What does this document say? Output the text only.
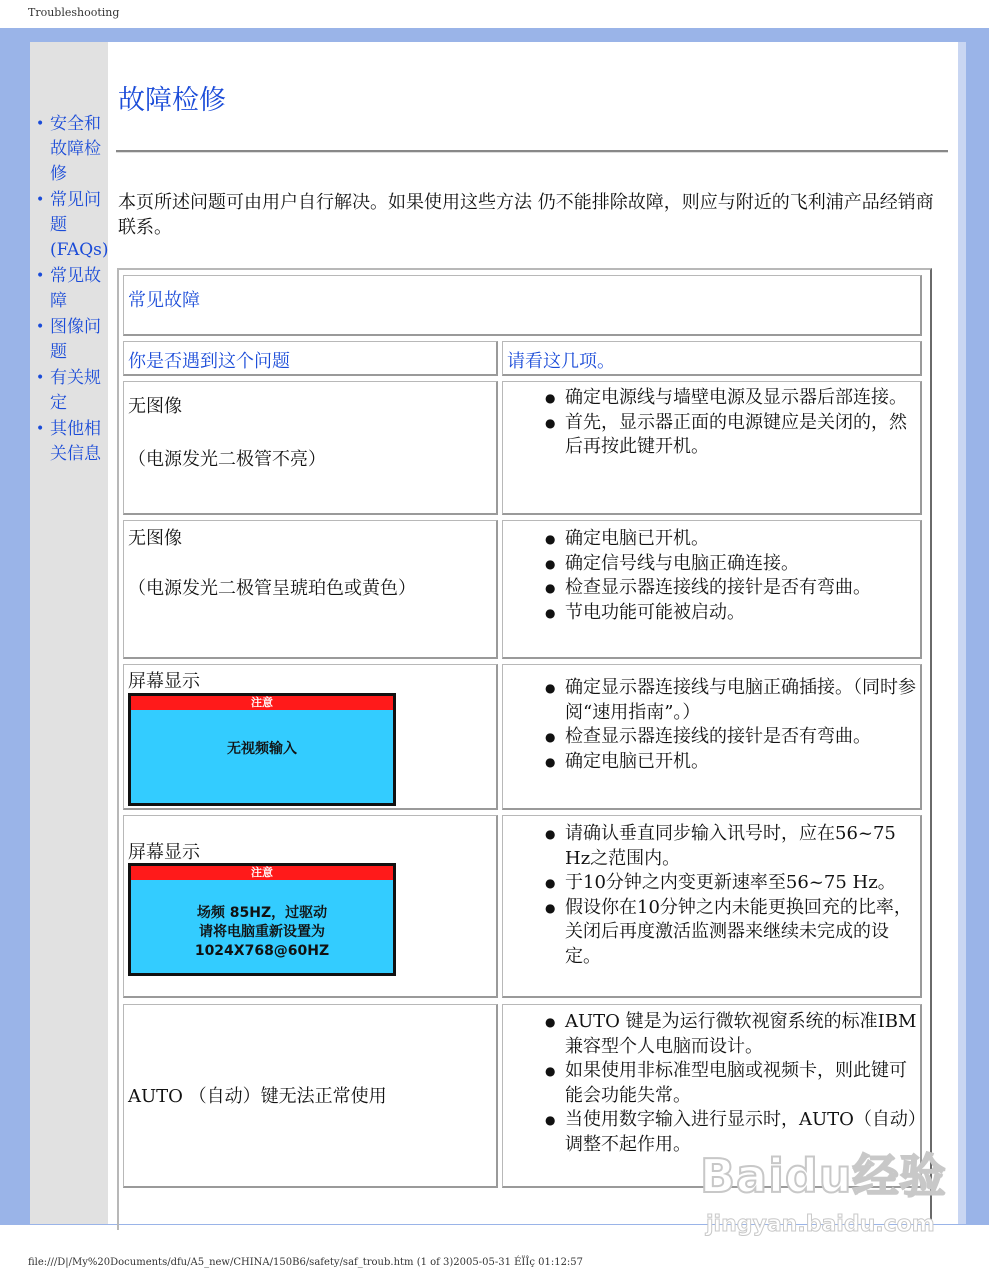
Troubleshooting
• 安全和故障检修
• 常见问题(FAQs)
• 常见故障
• 图像问题
• 有关规定
• 其他相关信息
故障检修

本页所述问题可由用户自行解决。如果使用这些方法 仍不能排除故障，则应与附近的飞利浦产品经销商联系。

常见故障
你是否遇到这个问题	请看这几项。
无图像
（电源发光二极管不亮）
● 确定电源线与墙壁电源及显示器后部连接。
● 首先，显示器正面的电源键应是关闭的，然后再按此键开机。
无图像
（电源发光二极管呈琥珀色或黄色）
● 确定电脑已开机。
● 确定信号线与电脑正确连接。
● 检查显示器连接线的接针是否有弯曲。
● 节电功能可能被启动。
屏幕显示
注意
无视频输入
● 确定显示器连接线与电脑正确插接。（同时参阅“速用指南”。）
● 检查显示器连接线的接针是否有弯曲。
● 确定电脑已开机。
屏幕显示
注意
场频 85HZ，过驱动
请将电脑重新设置为
1024X768@60HZ
● 请确认垂直同步输入讯号时，应在56~75 Hz之范围内。
● 于10分钟之内变更新速率至56~75 Hz。
● 假设你在10分钟之内未能更换回充的比率，关闭后再度激活监测器来继续未完成的设定。
AUTO （自动）键无法正常使用
● AUTO 键是为运行微软视窗系统的标准IBM兼容型个人电脑而设计。
● 如果使用非标准型电脑或视频卡，则此键可能会功能失常。
● 当使用数字输入进行显示时，AUTO（自动）调整不起作用。
Baidu经验
jingyan.baidu.com
file:///D|/My%20Documents/dfu/A5_new/CHINA/150B6/safety/saf_troub.htm (1 of 3)2005-05-31 ÉÏÎç 01:12:57
